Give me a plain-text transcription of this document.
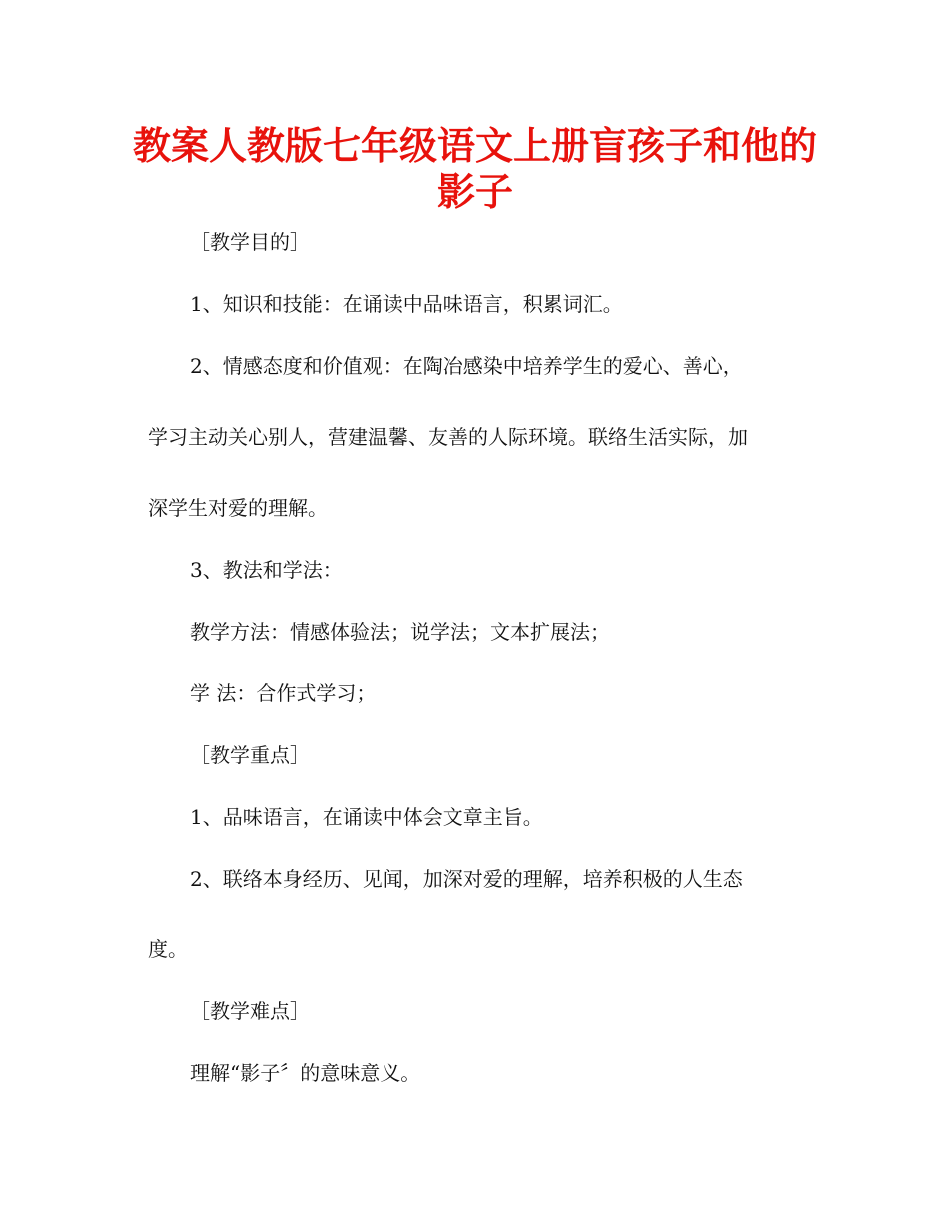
教案人教版七年级语文上册盲孩子和他的
影子

［教学目的］

1、知识和技能：在诵读中品味语言，积累词汇。

2、情感态度和价值观：在陶冶感染中培养学生的爱心、善心，

学习主动关心别人，营建温馨、友善的人际环境。联络生活实际，加

深学生对爱的理解。

3、教法和学法：

教学方法：情感体验法；说学法；文本扩展法；

学 法：合作式学习；

［教学重点］

1、品味语言，在诵读中体会文章主旨。

2、联络本身经历、见闻，加深对爱的理解，培养积极的人生态

度。

［教学难点］

理解“影子〞的意味意义。
